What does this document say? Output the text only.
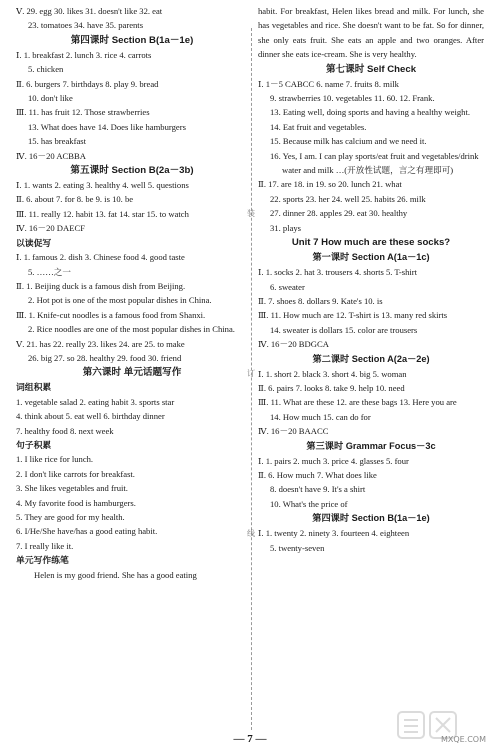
Ⅴ. 29. egg 30. likes 31. doesn't like 32. eat
23. tomatoes 34. have 35. parents
第四课时 Section B(1a－1e)
Ⅰ. 1. breakfast 2. lunch 3. rice 4. carrots
5. chicken
Ⅱ. 6. burgers 7. birthdays 8. play 9. bread
10. don't like
Ⅲ. 11. has fruit 12. Those strawberries
13. What does have 14. Does like hamburgers
15. has breakfast
Ⅳ. 16－20 ACBBA
第五课时 Section B(2a－3b)
Ⅰ. 1. wants 2. eating 3. healthy 4. well 5. questions
Ⅱ. 6. about 7. for 8. be 9. is 10. be
Ⅲ. 11. really 12. habit 13. fat 14. star 15. to watch
Ⅳ. 16－20 DAECF
以读促写
Ⅰ. 1. famous 2. dish 3. Chinese food 4. good taste
5. ……之一
Ⅱ. 1. Beijing duck is a famous dish from Beijing.
2. Hot pot is one of the most popular dishes in China.
Ⅲ. 1. Knife-cut noodles is a famous food from Shanxi.
2. Rice noodles are one of the most popular dishes in China.
Ⅴ. 21. has 22. really 23. likes 24. are 25. to make
26. big 27. so 28. healthy 29. food 30. friend
第六课时 单元话题写作
词组积累
1. vegetable salad 2. eating habit 3. sports star
4. think about 5. eat well 6. birthday dinner
7. healthy food 8. next week
句子积累
1. I like rice for lunch.
2. I don't like carrots for breakfast.
3. She likes vegetables and fruit.
4. My favorite food is hamburgers.
5. They are good for my health.
6. I/He/She have/has a good eating habit.
7. I really like it.
单元写作练笔
Helen is my good friend. She has a good eating
装
订
线
habit. For breakfast, Helen likes bread and milk. For lunch, she has vegetables and rice. She doesn't want to be fat. So for dinner, she only eats fruit. She eats an apple and two oranges. After dinner she eats ice-cream. She is very healthy.
第七课时 Self Check
Ⅰ. 1－5 CABCC 6. name 7. fruits 8. milk
9. strawberries 10. vegetables 11. 60. 12. Frank.
13. Eating well, doing sports and having a healthy weight.
14. Eat fruit and vegetables.
15. Because milk has calcium and we need it.
16. Yes, I am. I can play sports/eat fruit and vegetables/drink water and milk …(开放性试题，言之有理即可)
Ⅱ. 17. are 18. in 19. so 20. lunch 21. what
22. sports 23. her 24. well 25. habits 26. milk
27. dinner 28. apples 29. eat 30. healthy
31. plays
Unit 7 How much are these socks?
第一课时 Section A(1a－1c)
Ⅰ. 1. socks 2. hat 3. trousers 4. shorts 5. T-shirt
6. sweater
Ⅱ. 7. shoes 8. dollars 9. Kate's 10. is
Ⅲ. 11. How much are 12. T-shirt is 13. many red skirts
14. sweater is dollars 15. color are trousers
Ⅳ. 16－20 BDGCA
第二课时 Section A(2a－2e)
Ⅰ. 1. short 2. black 3. short 4. big 5. woman
Ⅱ. 6. pairs 7. looks 8. take 9. help 10. need
Ⅲ. 11. What are these 12. are these bags 13. Here you are
14. How much 15. can do for
Ⅳ. 16－20 BAACC
第三课时 Grammar Focus－3c
Ⅰ. 1. pairs 2. much 3. price 4. glasses 5. four
Ⅱ. 6. How much 7. What does like
8. doesn't have 9. It's a shirt
10. What's the price of
第四课时 Section B(1a－1e)
Ⅰ. 1. twenty 2. ninety 3. fourteen 4. eighteen
5. twenty-seven
— 7 —	MXQE.COM
